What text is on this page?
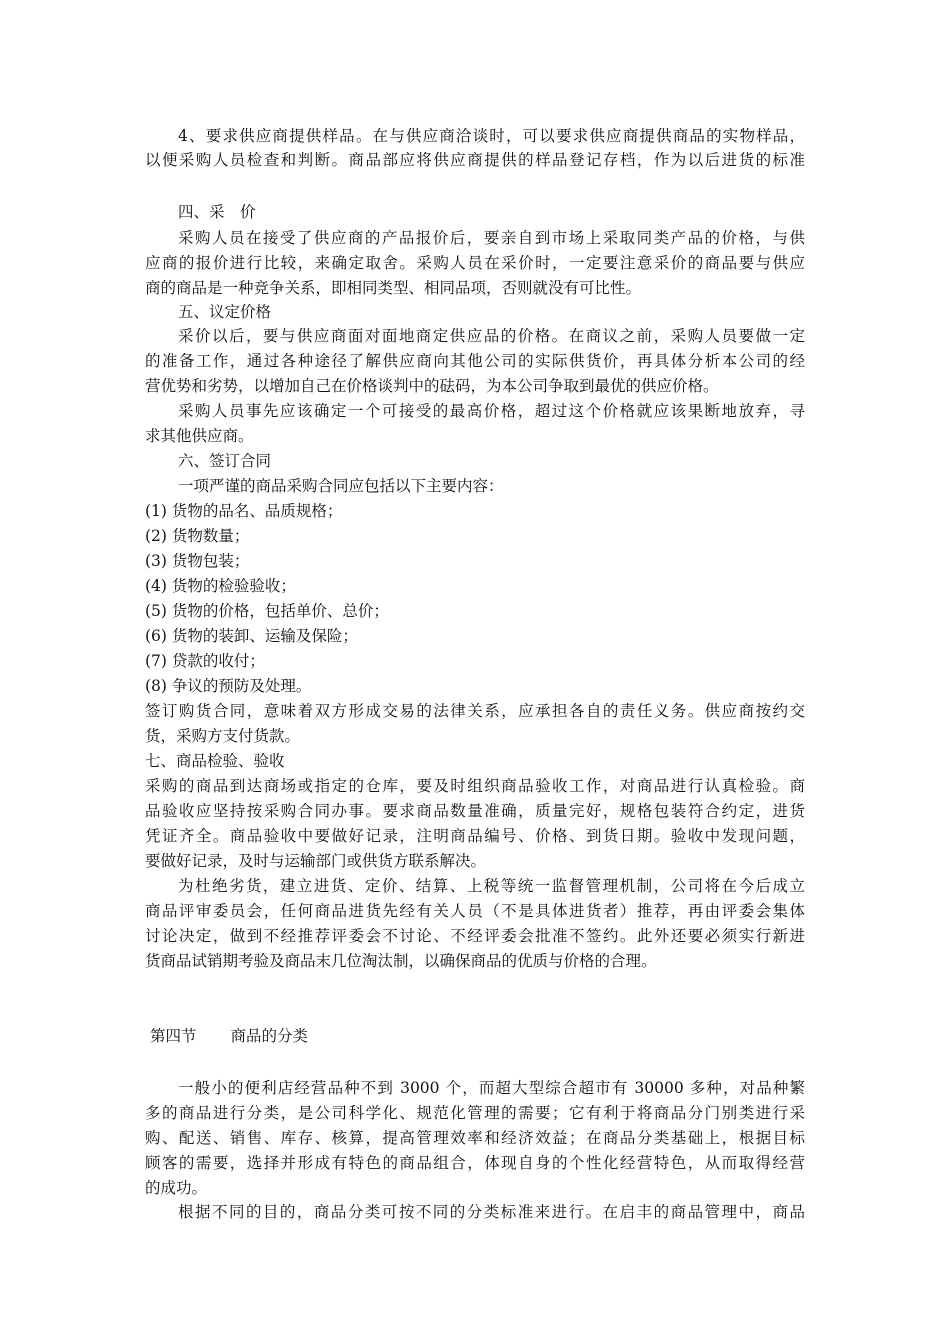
4、要求供应商提供样品。在与供应商洽谈时，可以要求供应商提供商品的实物样品，
以便采购人员检查和判断。商品部应将供应商提供的样品登记存档，作为以后进货的标准
四、采　价
采购人员在接受了供应商的产品报价后，要亲自到市场上采取同类产品的价格，与供
应商的报价进行比较，来确定取舍。采购人员在采价时，一定要注意采价的商品要与供应
商的商品是一种竞争关系，即相同类型、相同品项，否则就没有可比性。
五、议定价格
采价以后，要与供应商面对面地商定供应品的价格。在商议之前，采购人员要做一定
的准备工作，通过各种途径了解供应商向其他公司的实际供货价，再具体分析本公司的经
营优势和劣势，以增加自己在价格谈判中的砝码，为本公司争取到最优的供应价格。
采购人员事先应该确定一个可接受的最高价格，超过这个价格就应该果断地放弃，寻
求其他供应商。
六、签订合同
一项严谨的商品采购合同应包括以下主要内容：
(1) 货物的品名、品质规格；
(2) 货物数量；
(3) 货物包装；
(4) 货物的检验验收；
(5) 货物的价格，包括单价、总价；
(6) 货物的装卸、运输及保险；
(7) 贷款的收付；
(8) 争议的预防及处理。
签订购货合同，意味着双方形成交易的法律关系，应承担各自的责任义务。供应商按约交
货，采购方支付货款。
七、商品检验、验收
采购的商品到达商场或指定的仓库，要及时组织商品验收工作，对商品进行认真检验。商
品验收应坚持按采购合同办事。要求商品数量准确，质量完好，规格包装符合约定，进货
凭证齐全。商品验收中要做好记录，注明商品编号、价格、到货日期。验收中发现问题，
要做好记录，及时与运输部门或供货方联系解决。
为杜绝劣货，建立进货、定价、结算、上税等统一监督管理机制，公司将在今后成立
商品评审委员会，任何商品进货先经有关人员（不是具体进货者）推荐，再由评委会集体
讨论决定，做到不经推荐评委会不讨论、不经评委会批准不签约。此外还要必须实行新进
货商品试销期考验及商品末几位淘汰制，以确保商品的优质与价格的合理。
第四节 商品的分类
一般小的便利店经营品种不到 3000 个，而超大型综合超市有 30000 多种，对品种繁
多的商品进行分类，是公司科学化、规范化管理的需要；它有利于将商品分门别类进行采
购、配送、销售、库存、核算，提高管理效率和经济效益；在商品分类基础上，根据目标
顾客的需要，选择并形成有特色的商品组合，体现自身的个性化经营特色，从而取得经营
的成功。
根据不同的目的，商品分类可按不同的分类标准来进行。在启丰的商品管理中，商品
